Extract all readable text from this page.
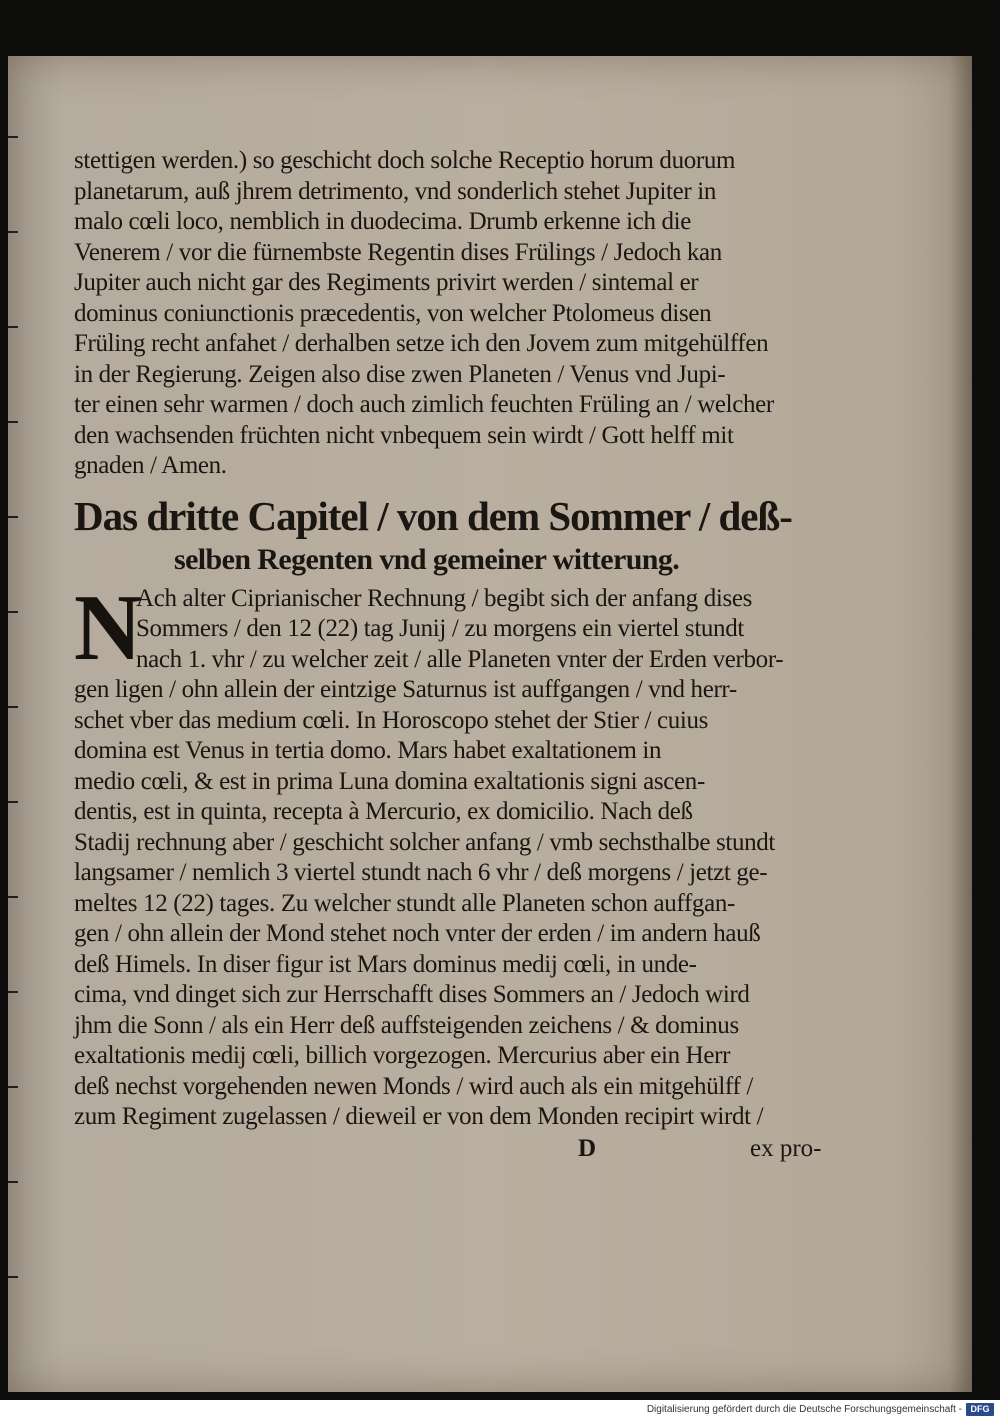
stettigen werden.) so geschicht doch solche Receptio horum duorum
planetarum, auß jhrem detrimento, vnd sonderlich stehet Jupiter in
malo cœli loco, nemblich in duodecima. Drumb erkenne ich die
Venerem / vor die fürnembste Regentin dises Frülings / Jedoch kan
Jupiter auch nicht gar des Regiments privirt werden / sintemal er
dominus coniunctionis præcedentis, von welcher Ptolomeus disen
Früling recht anfahet / derhalben setze ich den Jovem zum mitgehülffen
in der Regierung. Zeigen also dise zwen Planeten / Venus vnd Jupi-
ter einen sehr warmen / doch auch zimlich feuchten Früling an / welcher
den wachsenden früchten nicht vnbequem sein wirdt / Gott helff mit
gnaden / Amen.
Das dritte Capitel / von dem Sommer / deß-
selben Regenten vnd gemeiner witterung.
N
Ach alter Ciprianischer Rechnung / begibt sich der anfang dises
Sommers / den 12 (22) tag Junij / zu morgens ein viertel stundt
nach 1. vhr / zu welcher zeit / alle Planeten vnter der Erden verbor-
gen ligen / ohn allein der eintzige Saturnus ist auffgangen / vnd herr-
schet vber das medium cœli. In Horoscopo stehet der Stier / cuius
domina est Venus in tertia domo. Mars habet exaltationem in
medio cœli, & est in prima Luna domina exaltationis signi ascen-
dentis, est in quinta, recepta à Mercurio, ex domicilio. Nach deß
Stadij rechnung aber / geschicht solcher anfang / vmb sechsthalbe stundt
langsamer / nemlich 3 viertel stundt nach 6 vhr / deß morgens / jetzt ge-
meltes 12 (22) tages. Zu welcher stundt alle Planeten schon auffgan-
gen / ohn allein der Mond stehet noch vnter der erden / im andern hauß
deß Himels. In diser figur ist Mars dominus medij cœli, in unde-
cima, vnd dinget sich zur Herrschafft dises Sommers an / Jedoch wird
jhm die Sonn / als ein Herr deß auffsteigenden zeichens / & dominus
exaltationis medij cœli, billich vorgezogen. Mercurius aber ein Herr
deß nechst vorgehenden newen Monds / wird auch als ein mitgehülff /
zum Regiment zugelassen / dieweil er von dem Monden recipirt wirdt /
D	ex pro-
Digitalisierung gefördert durch die Deutsche Forschungsgemeinschaft - DFG
